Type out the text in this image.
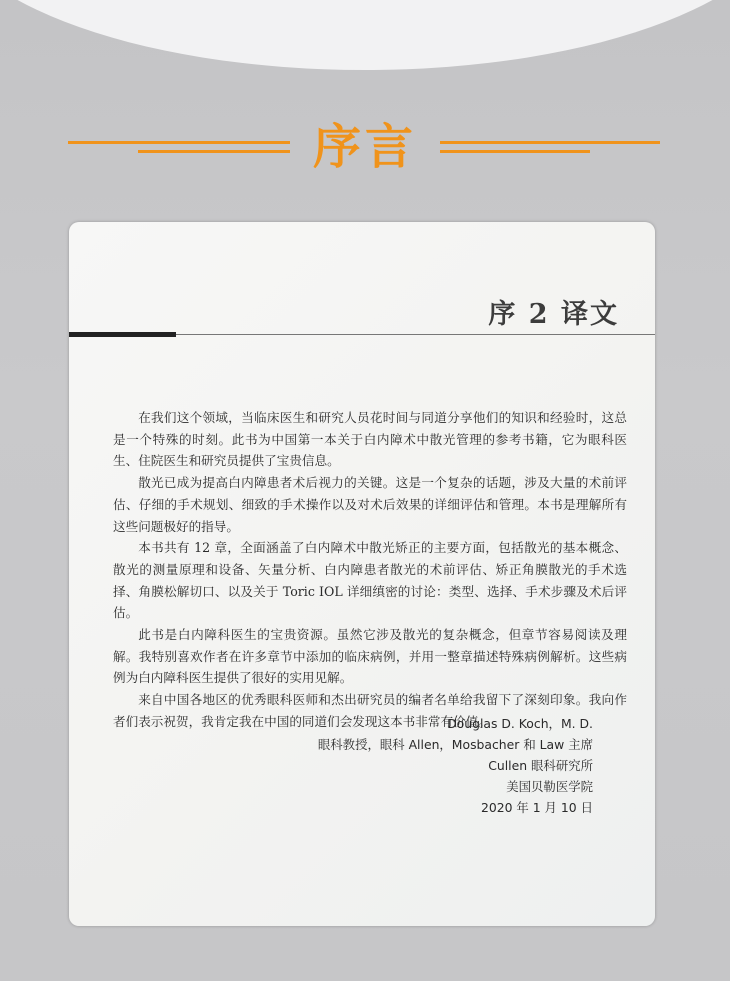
序言
序 2 译文

在我们这个领域，当临床医生和研究人员花时间与同道分享他们的知识和经验时，这总是一个特殊的时刻。此书为中国第一本关于白内障术中散光管理的参考书籍，它为眼科医生、住院医生和研究员提供了宝贵信息。

散光已成为提高白内障患者术后视力的关键。这是一个复杂的话题，涉及大量的术前评估、仔细的手术规划、细致的手术操作以及对术后效果的详细评估和管理。本书是理解所有这些问题极好的指导。

本书共有 12 章，全面涵盖了白内障术中散光矫正的主要方面，包括散光的基本概念、散光的测量原理和设备、矢量分析、白内障患者散光的术前评估、矫正角膜散光的手术选择、角膜松解切口、以及关于 Toric IOL 详细缜密的讨论：类型、选择、手术步骤及术后评估。

此书是白内障科医生的宝贵资源。虽然它涉及散光的复杂概念，但章节容易阅读及理解。我特别喜欢作者在许多章节中添加的临床病例，并用一整章描述特殊病例解析。这些病例为白内障科医生提供了很好的实用见解。

来自中国各地区的优秀眼科医师和杰出研究员的编者名单给我留下了深刻印象。我向作者们表示祝贺，我肯定我在中国的同道们会发现这本书非常有价值。

Douglas D. Koch，M. D.
眼科教授，眼科 Allen，Mosbacher 和 Law 主席
Cullen 眼科研究所
美国贝勒医学院
2020 年 1 月 10 日
